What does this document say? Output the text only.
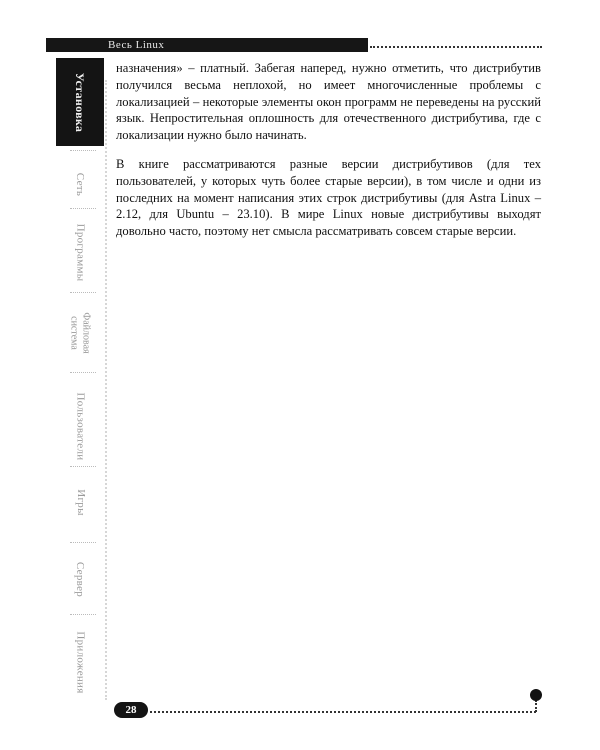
Весь Linux
Установка
Сеть
Программы
Файловая
система
Пользователи
Игры
Сервер
Приложения

назначения» – платный. Забегая наперед, нужно отметить, что дистрибутив получился весьма неплохой, но имеет многочисленные проблемы с локализацией – некоторые элементы окон программ не переведены на русский язык. Непростительная оплошность для отечественного дистрибутива, где с локализации нужно было начинать.

В книге рассматриваются разные версии дистрибутивов (для тех пользователей, у которых чуть более старые версии), в том числе и одни из последних на момент написания этих строк дистрибутивы (для Astra Linux – 2.12, для Ubuntu – 23.10). В мире Linux новые дистрибутивы выходят довольно часто, поэтому нет смысла рассматривать совсем старые версии.

28
